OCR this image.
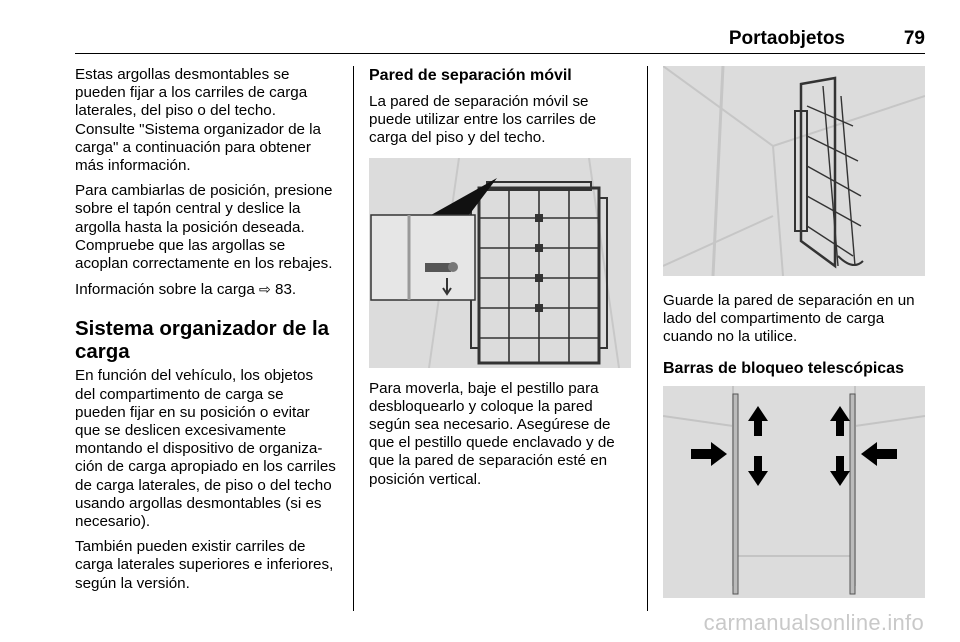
Portaobjetos	79

Estas argollas desmontables se pueden fijar a los carriles de carga laterales, del piso o del techo. Consulte "Sistema organizador de la carga" a continuación para obtener más información.

Para cambiarlas de posición, presione sobre el tapón central y deslice la argolla hasta la posición deseada. Compruebe que las argollas se acoplan correctamente en los rebajes.

Información sobre la carga ⇨ 83.

Sistema organizador de la carga

En función del vehículo, los objetos del compartimento de carga se pueden fijar en su posición o evitar que se deslicen excesivamente montando el dispositivo de organización de carga apropiado en los carriles de carga laterales, de piso o del techo usando argollas desmontables (si es necesario).

También pueden existir carriles de carga laterales superiores e inferiores, según la versión.

Pared de separación móvil

La pared de separación móvil se puede utilizar entre los carriles de carga del piso y del techo.

Para moverla, baje el pestillo para desbloquearlo y coloque la pared según sea necesario. Asegúrese de que el pestillo quede enclavado y de que la pared de separación esté en posición vertical.

Guarde la pared de separación en un lado del compartimento de carga cuando no la utilice.

Barras de bloqueo telescópicas
carmanualsonline.info
